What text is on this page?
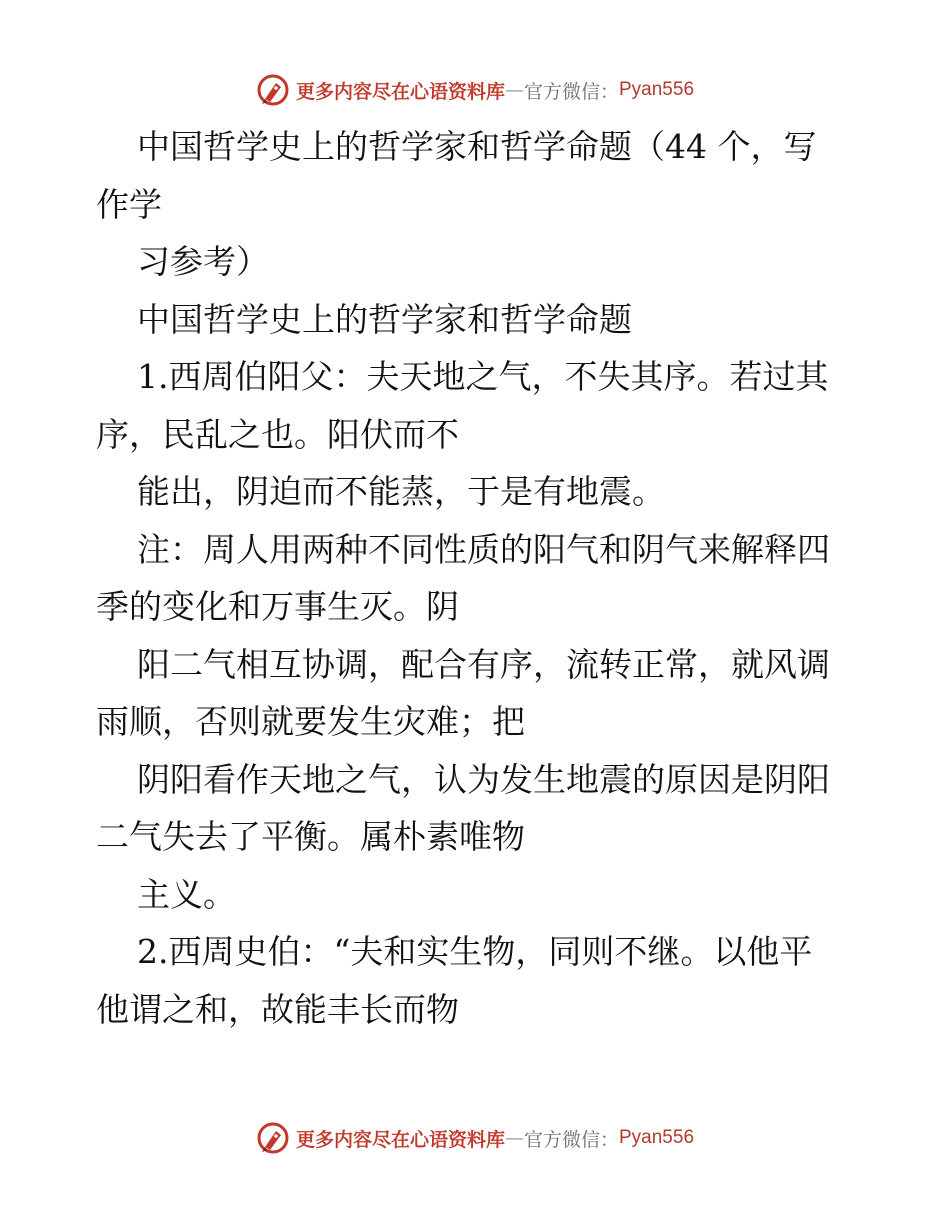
更多内容尽在心语资料库 — 官方微信： Pyan556

中国哲学史上的哲学家和哲学命题（44 个，写

作学

习参考）

中国哲学史上的哲学家和哲学命题

1.西周伯阳父：夫天地之气，不失其序。若过其

序，民乱之也。阳伏而不

能出，阴迫而不能蒸，于是有地震。

注：周人用两种不同性质的阳气和阴气来解释四

季的变化和万事生灭。阴

阳二气相互协调，配合有序，流转正常，就风调

雨顺，否则就要发生灾难；把

阴阳看作天地之气，认为发生地震的原因是阴阳

二气失去了平衡。属朴素唯物

主义。

2.西周史伯：“夫和实生物，同则不继。以他平

他谓之和，故能丰长而物

更多内容尽在心语资料库 — 官方微信： Pyan556
